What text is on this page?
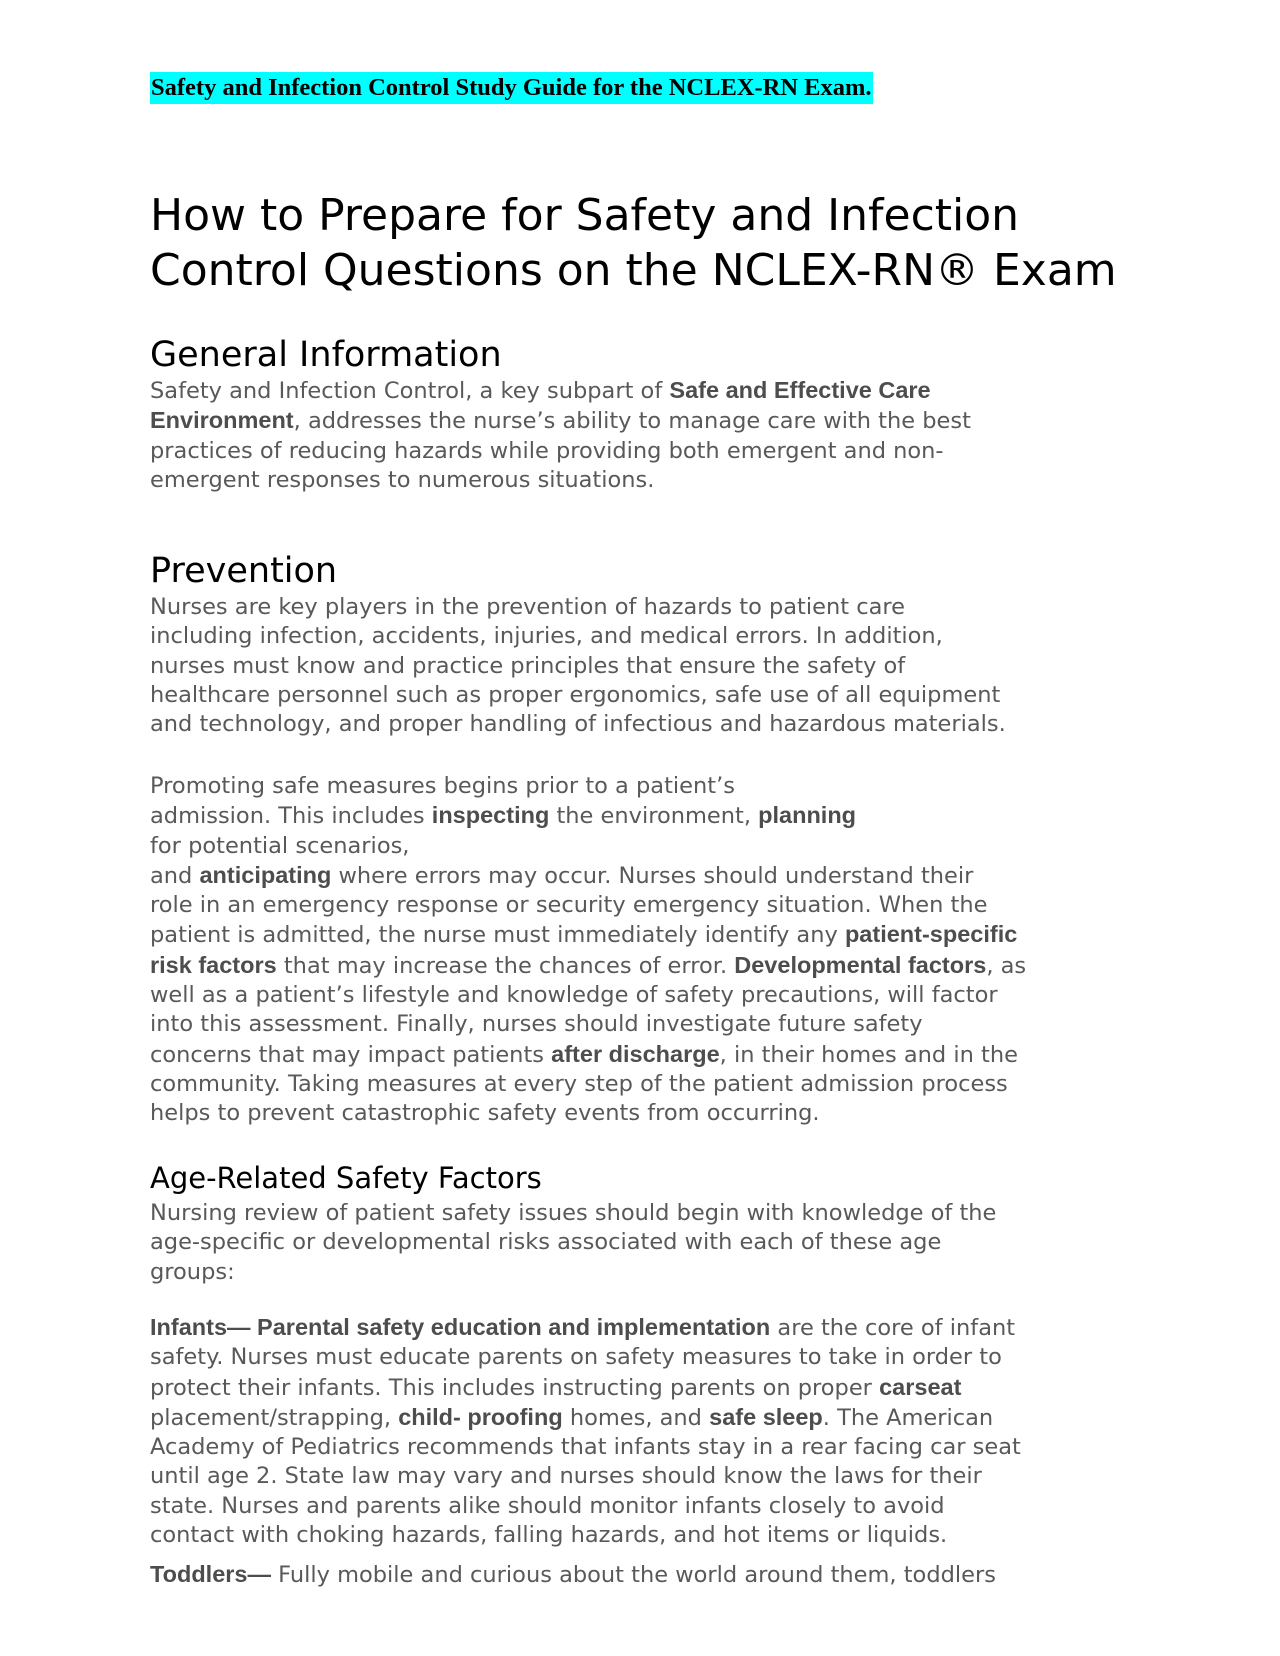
Safety and Infection Control Study Guide for the NCLEX-RN Exam.
How to Prepare for Safety and Infection
Control Questions on the NCLEX-RN® Exam
General Information

Safety and Infection Control, a key subpart of Safe and Effective Care
Environment, addresses the nurse’s ability to manage care with the best
practices of reducing hazards while providing both emergent and non-
emergent responses to numerous situations.

Prevention

Nurses are key players in the prevention of hazards to patient care
including infection, accidents, injuries, and medical errors. In addition,
nurses must know and practice principles that ensure the safety of
healthcare personnel such as proper ergonomics, safe use of all equipment
and technology, and proper handling of infectious and hazardous materials.

Promoting safe measures begins prior to a patient’s
admission. This includes inspecting the environment, planning
for potential scenarios,
and anticipating where errors may occur. Nurses should understand their
role in an emergency response or security emergency situation. When the
patient is admitted, the nurse must immediately identify any patient-specific
risk factors that may increase the chances of error. Developmental factors, as
well as a patient’s lifestyle and knowledge of safety precautions, will factor
into this assessment. Finally, nurses should investigate future safety
concerns that may impact patients after discharge, in their homes and in the
community. Taking measures at every step of the patient admission process
helps to prevent catastrophic safety events from occurring.

Age-Related Safety Factors

Nursing review of patient safety issues should begin with knowledge of the
age-specific or developmental risks associated with each of these age
groups:

Infants— Parental safety education and implementation are the core of infant
safety. Nurses must educate parents on safety measures to take in order to
protect their infants. This includes instructing parents on proper carseat
placement/strapping, child- proofing homes, and safe sleep. The American
Academy of Pediatrics recommends that infants stay in a rear facing car seat
until age 2. State law may vary and nurses should know the laws for their
state. Nurses and parents alike should monitor infants closely to avoid
contact with choking hazards, falling hazards, and hot items or liquids.

Toddlers— Fully mobile and curious about the world around them, toddlers
